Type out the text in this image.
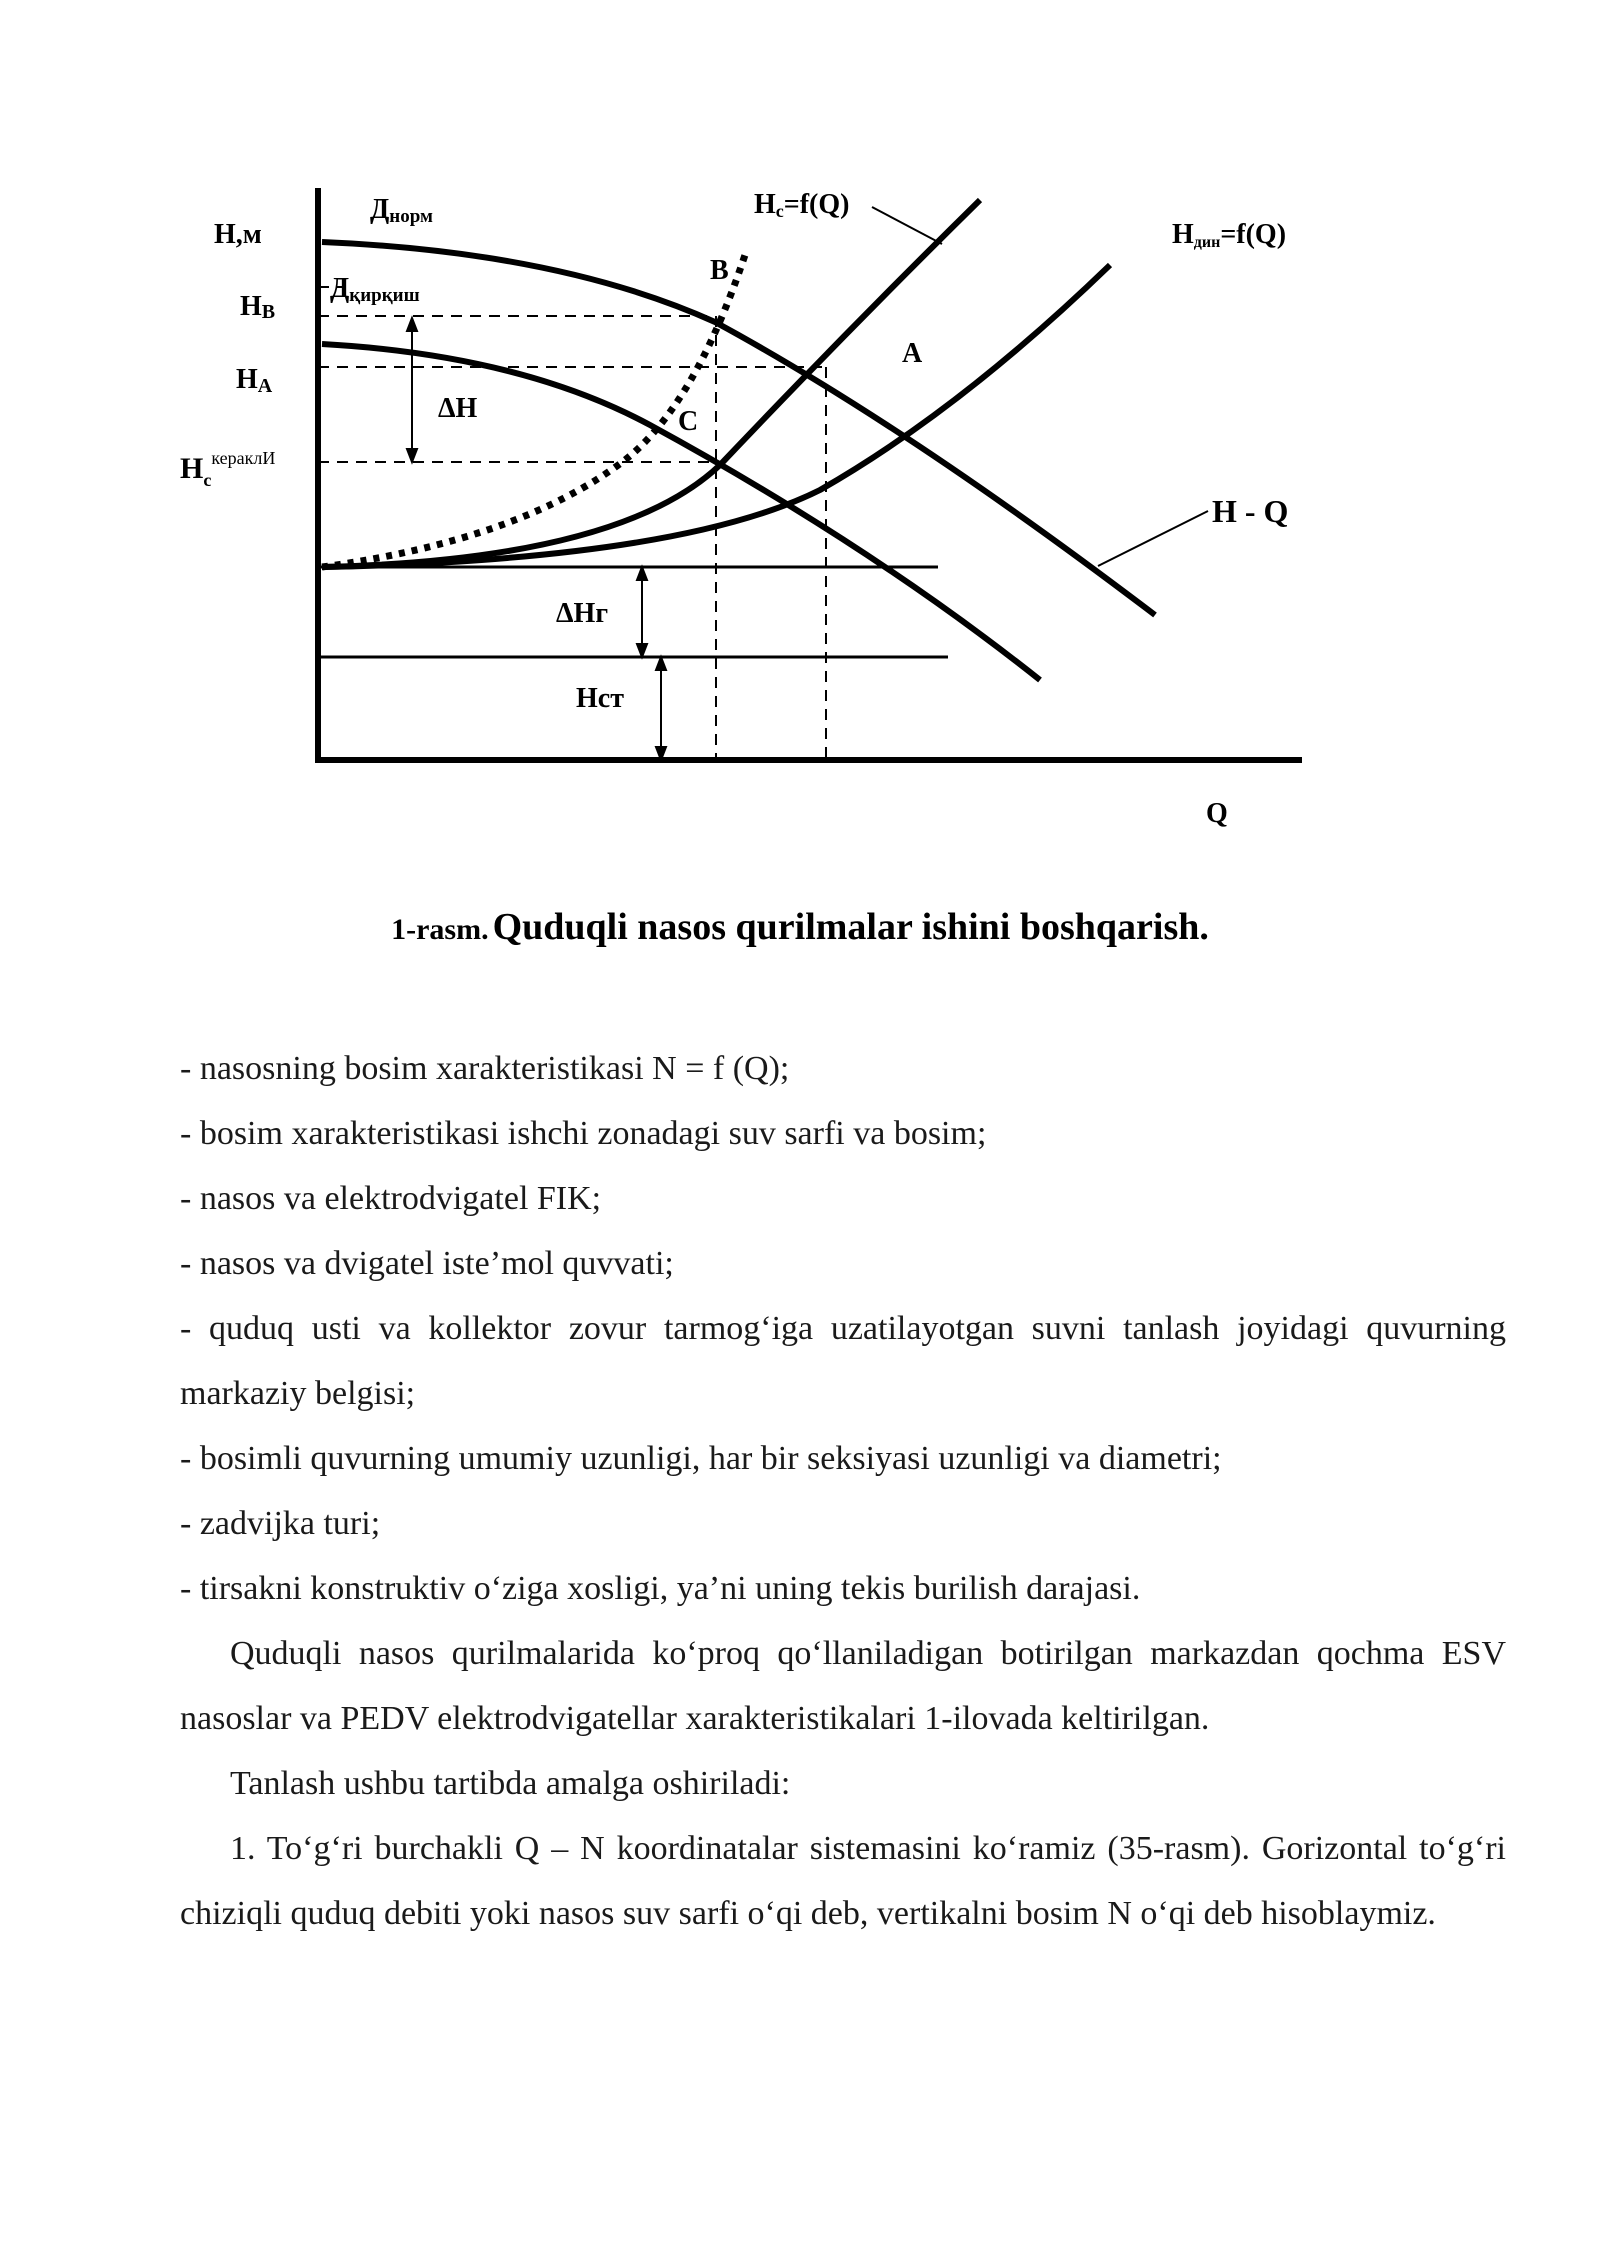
H,м
Q
HB
HA
$H_c^{кераклИ}$
Днорм
Дқирқиш
ΔH
ΔHг
Hст
B
A
C
Hc=f(Q)
Hдин=f(Q)
H - Q

1-rasm. Quduqli nasos qurilmalar ishini boshqarish.

- nasosning bosim xarakteristikasi N = f (Q);

- bosim xarakteristikasi ishchi zonadagi suv sarfi va bosim;

- nasos va elektrodvigatel FIK;

- nasos va dvigatel iste’mol quvvati;

- quduq usti va kollektor zovur tarmog‘iga uzatilayotgan suvni tanlash joyidagi quvurning markaziy belgisi;

- bosimli quvurning umumiy uzunligi, har bir seksiyasi uzunligi va diametri;

- zadvijka turi;

- tirsakni konstruktiv o‘ziga xosligi, ya’ni uning tekis burilish darajasi.

Quduqli nasos qurilmalarida ko‘proq qo‘llaniladigan botirilgan markazdan qochma ESV nasoslar va PEDV elektrodvigatellar xarakteristikalari 1-ilovada keltirilgan.

Tanlash ushbu tartibda amalga oshiriladi:

1. To‘g‘ri burchakli Q – N koordinatalar sistemasini ko‘ramiz (35-rasm). Gorizontal to‘g‘ri chiziqli quduq debiti yoki nasos suv sarfi o‘qi deb, vertikalni bosim N o‘qi deb hisoblaymiz.
